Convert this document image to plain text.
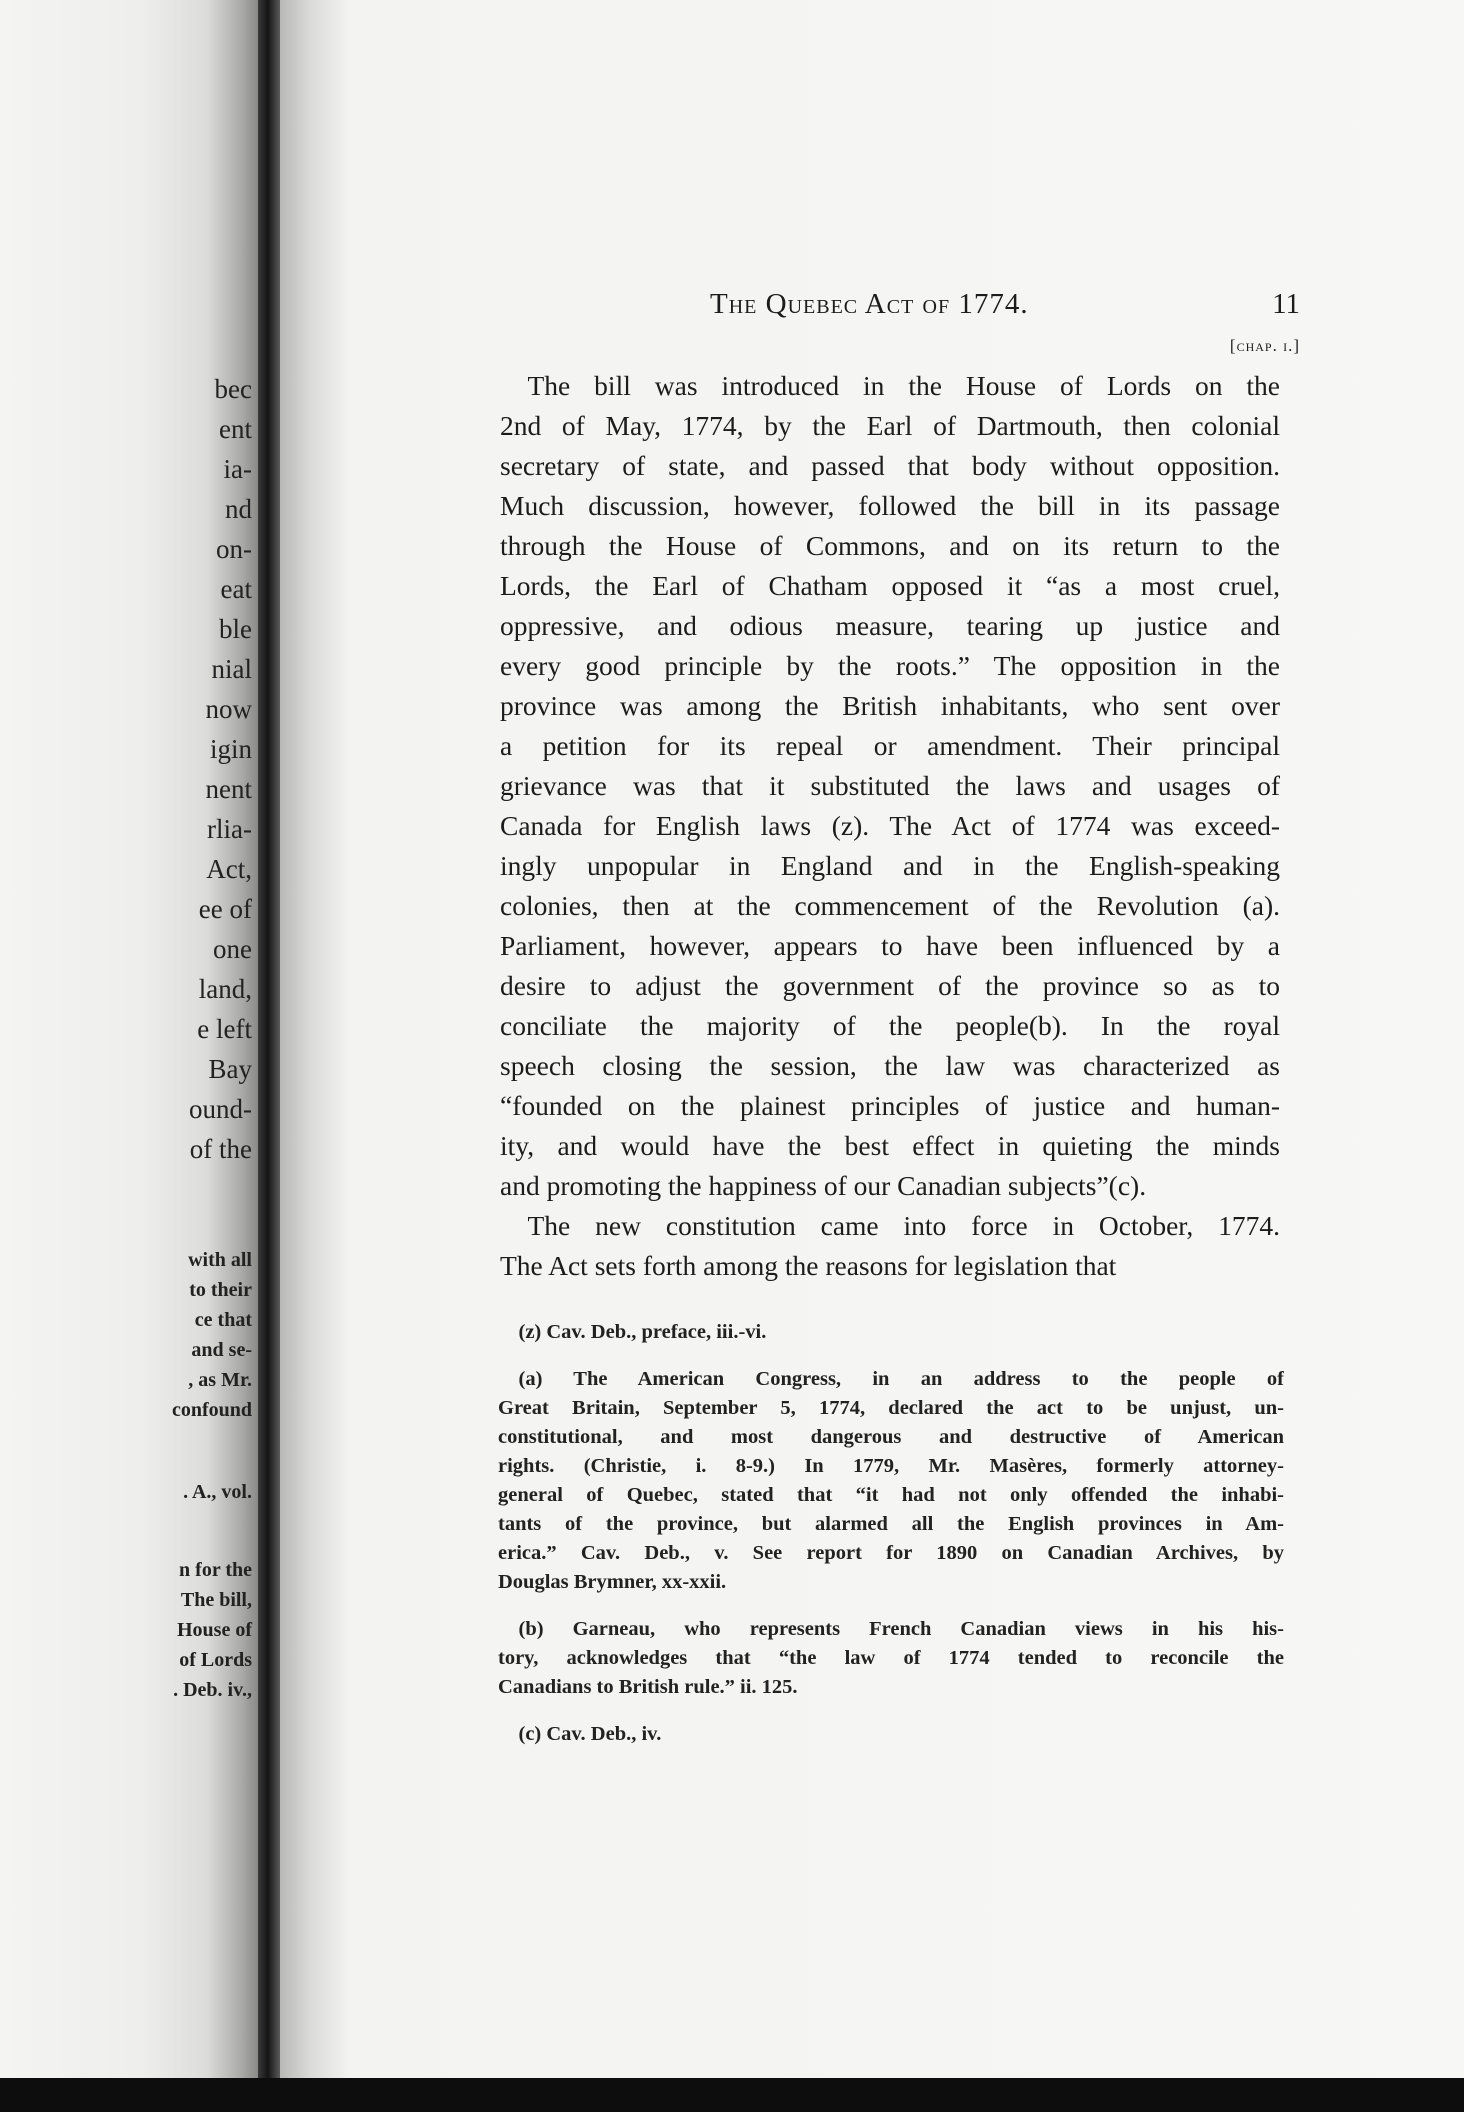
bec
ent
ia-
nd
on-
eat
ble
nial
now
igin
nent
rlia-
Act,
ee of
one
land,
e left
Bay
ound-
of the
with all
to their
ce that
and se-
, as Mr.
confound
. A., vol.
n for the
The bill,
House of
of Lords
. Deb. iv.,
The Quebec Act of 1774.	11
[chap. i.]
 The bill was introduced in the House of Lords on the
2nd of May, 1774, by the Earl of Dartmouth, then colonial
secretary of state, and passed that body without opposition.
Much discussion, however, followed the bill in its passage
through the House of Commons, and on its return to the
Lords, the Earl of Chatham opposed it “as a most cruel,
oppressive, and odious measure, tearing up justice and
every good principle by the roots.” The opposition in the
province was among the British inhabitants, who sent over
a petition for its repeal or amendment. Their principal
grievance was that it substituted the laws and usages of
Canada for English laws (z). The Act of 1774 was exceed-
ingly unpopular in England and in the English-speaking
colonies, then at the commencement of the Revolution (a).
Parliament, however, appears to have been influenced by a
desire to adjust the government of the province so as to
conciliate the majority of the people(b). In the royal
speech closing the session, the law was characterized as
“founded on the plainest principles of justice and human-
ity, and would have the best effect in quieting the minds
and promoting the happiness of our Canadian subjects”(c).
 The new constitution came into force in October, 1774.
The Act sets forth among the reasons for legislation that
 (z) Cav. Deb., preface, iii.-vi.
 (a) The American Congress, in an address to the people of
Great Britain, September 5, 1774, declared the act to be unjust, un-
constitutional, and most dangerous and destructive of American
rights. (Christie, i. 8-9.) In 1779, Mr. Masères, formerly attorney-
general of Quebec, stated that “it had not only offended the inhabi-
tants of the province, but alarmed all the English provinces in Am-
erica.” Cav. Deb., v. See report for 1890 on Canadian Archives, by
Douglas Brymner, xx-xxii.
 (b) Garneau, who represents French Canadian views in his his-
tory, acknowledges that “the law of 1774 tended to reconcile the
Canadians to British rule.” ii. 125.
 (c) Cav. Deb., iv.
